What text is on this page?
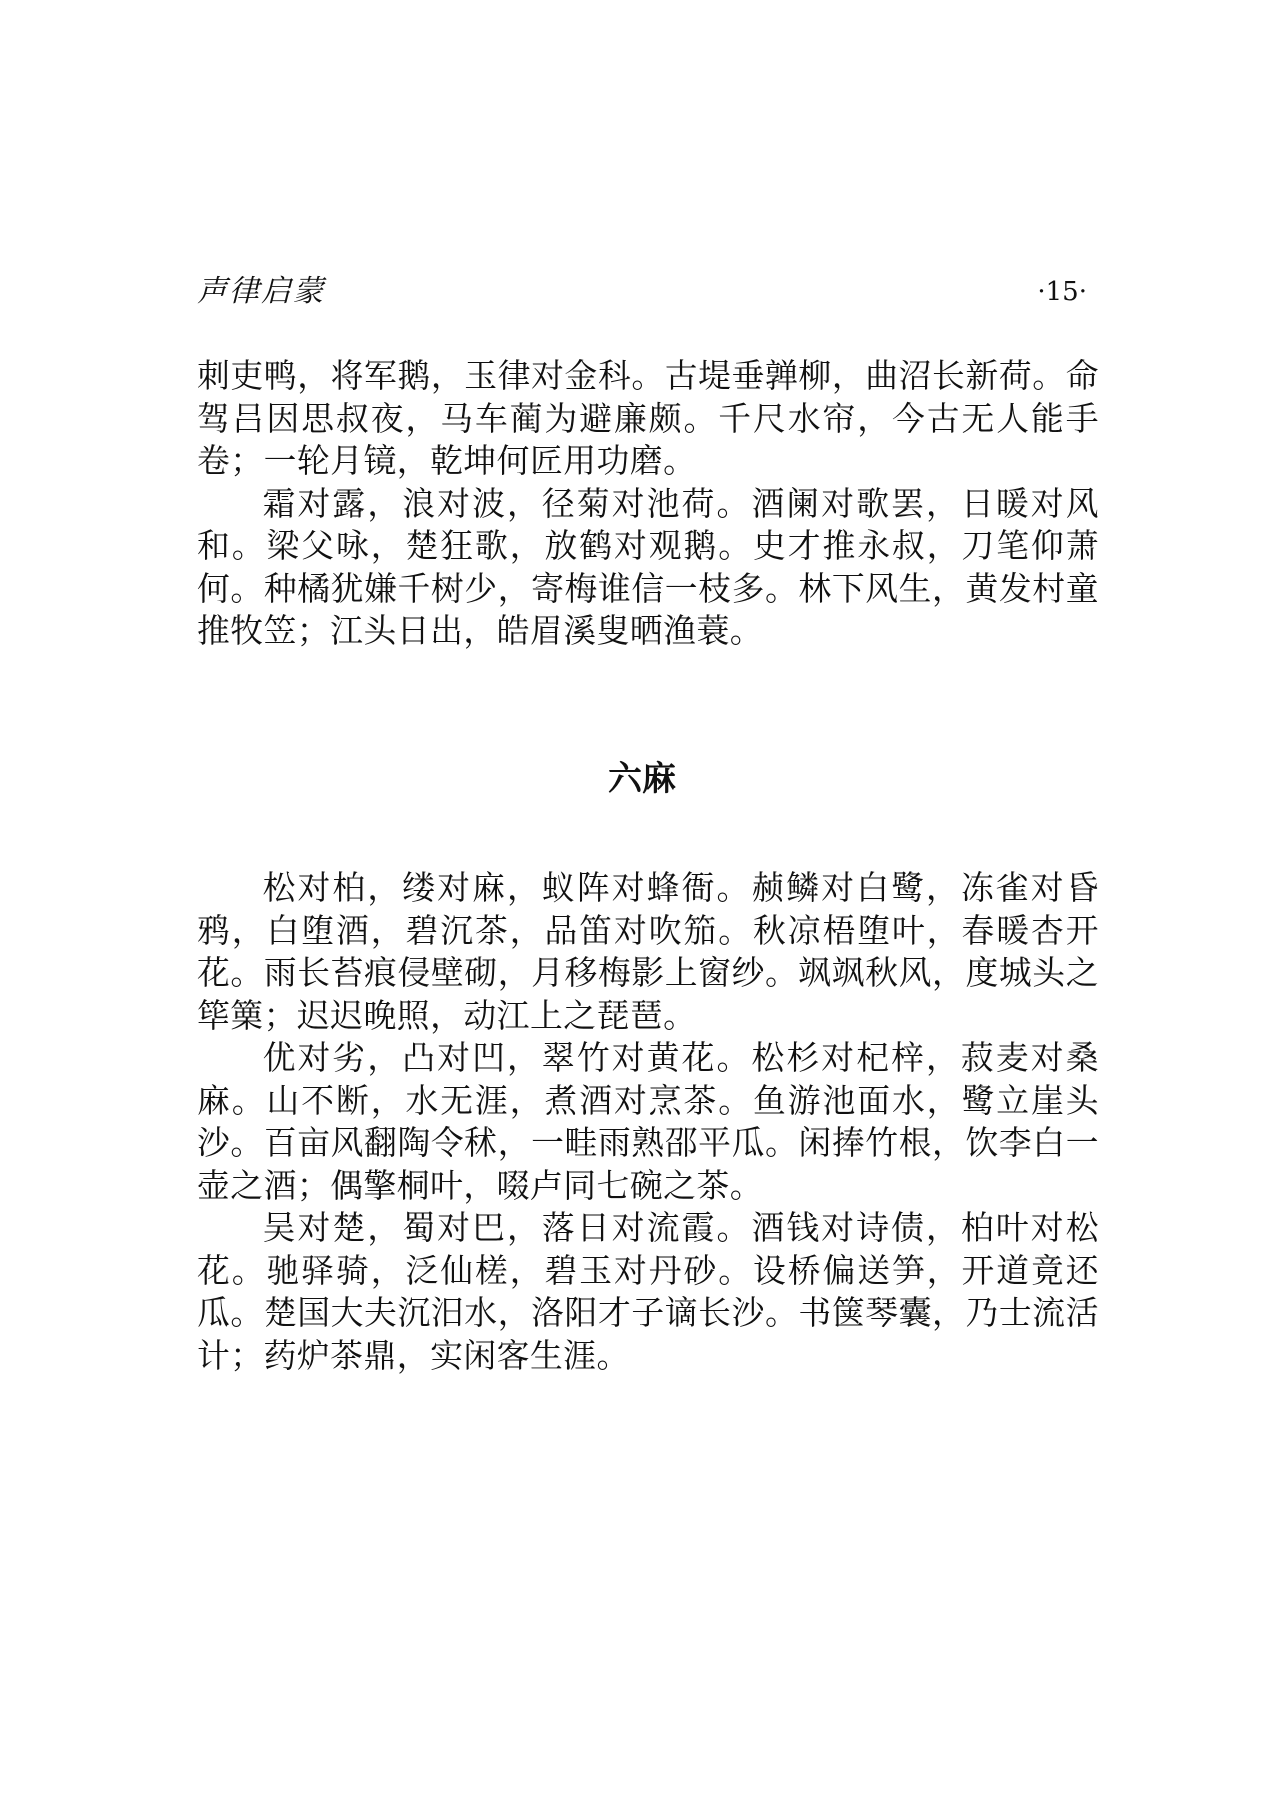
声律启蒙	·15·

刺吏鸭，将军鹅，玉律对金科。古堤垂亸柳，曲沼长新荷。命驾吕因思叔夜，马车蔺为避廉颇。千尺水帘，今古无人能手卷；一轮月镜，乾坤何匠用功磨。

霜对露，浪对波，径菊对池荷。酒阑对歌罢，日暖对风和。梁父咏，楚狂歌，放鹤对观鹅。史才推永叔，刀笔仰萧何。种橘犹嫌千树少，寄梅谁信一枝多。林下风生，黄发村童推牧笠；江头日出，皓眉溪叟晒渔蓑。

六麻

松对柏，缕对麻，蚁阵对蜂衙。赪鳞对白鹭，冻雀对昏鸦，白堕酒，碧沉茶，品笛对吹笳。秋凉梧堕叶，春暖杏开花。雨长苔痕侵壁砌，月移梅影上窗纱。飒飒秋风，度城头之筚篥；迟迟晚照，动江上之琵琶。

优对劣，凸对凹，翠竹对黄花。松杉对杞梓，菽麦对桑麻。山不断，水无涯，煮酒对烹茶。鱼游池面水，鹭立崖头沙。百亩风翻陶令秫，一畦雨熟邵平瓜。闲捧竹根，饮李白一壶之酒；偶擎桐叶，啜卢同七碗之茶。

吴对楚，蜀对巴，落日对流霞。酒钱对诗债，柏叶对松花。驰驿骑，泛仙槎，碧玉对丹砂。设桥偏送笋，开道竟还瓜。楚国大夫沉汨水，洛阳才子谪长沙。书箧琴囊，乃士流活计；药炉茶鼎，实闲客生涯。
